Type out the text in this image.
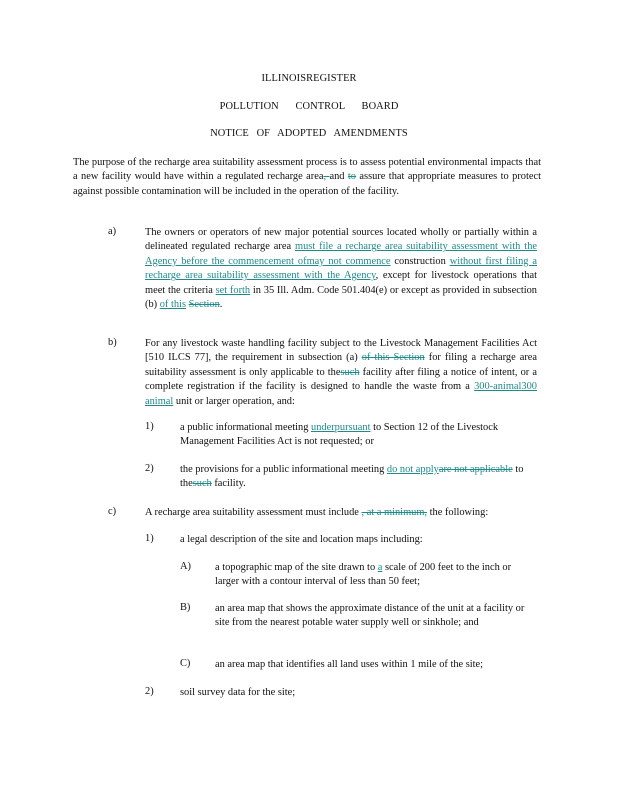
ILLINOISREGISTER
POLLUTION CONTROL BOARD
NOTICE OF ADOPTED AMENDMENTS
The purpose of the recharge area suitability assessment process is to assess potential environmental impacts that a new facility would have within a regulated recharge area, and to assure that appropriate measures to protect against possible contamination will be included in the operation of the facility.
a)	The owners or operators of new major potential sources located wholly or partially within a delineated regulated recharge area must file a recharge area suitability assessment with the Agency before the commencement ofmay not commence construction without first filing a recharge area suitability assessment with the Agency, except for livestock operations that meet the criteria set forth in 35 Ill. Adm. Code 501.404(e) or except as provided in subsection (b) of this Section.
b)	For any livestock waste handling facility subject to the Livestock Management Facilities Act [510 ILCS 77], the requirement in subsection (a) of this Section for filing a recharge area suitability assessment is only applicable to thesuch facility after filing a notice of intent, or a complete registration if the facility is designed to handle the waste from a 300-animal300 animal unit or larger operation, and:
1)	a public informational meeting underpursuant to Section 12 of the Livestock Management Facilities Act is not requested; or
2)	the provisions for a public informational meeting do not applyare not applicable to thesuch facility.
c)	A recharge area suitability assessment must include , at a minimum, the following:
1)	a legal description of the site and location maps including:
A) a topographic map of the site drawn to a scale of 200 feet to the inch or larger with a contour interval of less than 50 feet;
B) an area map that shows the approximate distance of the unit at a facility or site from the nearest potable water supply well or sinkhole; and
C) an area map that identifies all land uses within 1 mile of the site;
2)	soil survey data for the site;
